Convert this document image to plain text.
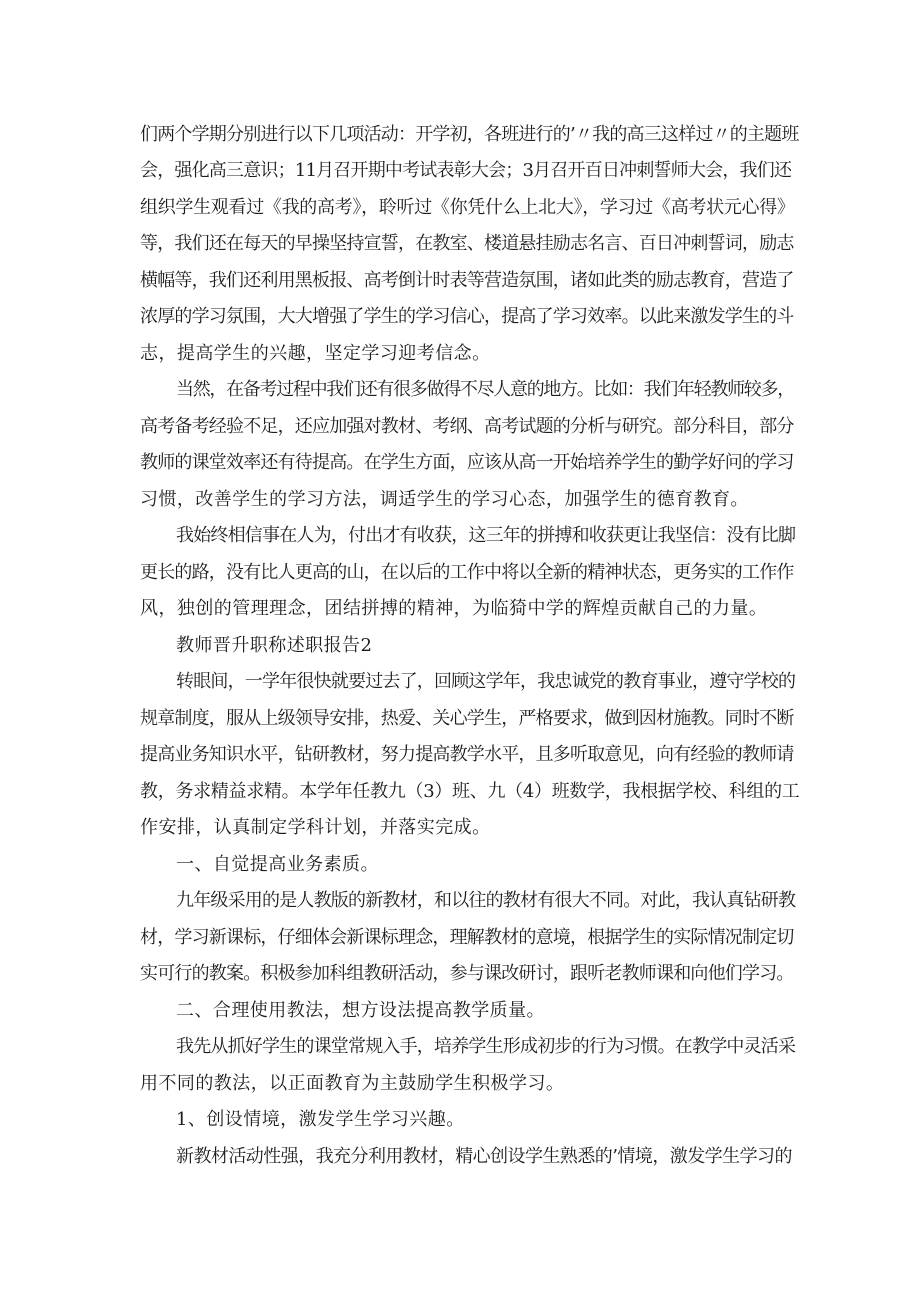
们两个学期分别进行以下几项活动：开学初，各班进行的’〃我的高三这样过〃的主题班
会，强化高三意识；11月召开期中考试表彰大会；3月召开百日冲刺誓师大会，我们还
组织学生观看过《我的高考》，聆听过《你凭什么上北大》，学习过《高考状元心得》
等，我们还在每天的早操坚持宣誓，在教室、楼道悬挂励志名言、百日冲刺誓词，励志
横幅等，我们还利用黑板报、高考倒计时表等营造氛围，诸如此类的励志教育，营造了
浓厚的学习氛围，大大增强了学生的学习信心，提高了学习效率。以此来激发学生的斗
志，提高学生的兴趣，坚定学习迎考信念。
当然，在备考过程中我们还有很多做得不尽人意的地方。比如：我们年轻教师较多，
高考备考经验不足，还应加强对教材、考纲、高考试题的分析与研究。部分科目，部分
教师的课堂效率还有待提高。在学生方面，应该从高一开始培养学生的勤学好问的学习
习惯，改善学生的学习方法，调适学生的学习心态，加强学生的德育教育。
我始终相信事在人为，付出才有收获，这三年的拼搏和收获更让我坚信：没有比脚
更长的路，没有比人更高的山，在以后的工作中将以全新的精神状态，更务实的工作作
风，独创的管理理念，团结拼搏的精神，为临猗中学的辉煌贡献自己的力量。
教师晋升职称述职报告2
转眼间，一学年很快就要过去了，回顾这学年，我忠诚党的教育事业，遵守学校的
规章制度，服从上级领导安排，热爱、关心学生，严格要求，做到因材施教。同时不断
提高业务知识水平，钻研教材，努力提高教学水平，且多听取意见，向有经验的教师请
教，务求精益求精。本学年任教九（3）班、九（4）班数学，我根据学校、科组的工
作安排，认真制定学科计划，并落实完成。
一、自觉提高业务素质。
九年级采用的是人教版的新教材，和以往的教材有很大不同。对此，我认真钻研教
材，学习新课标，仔细体会新课标理念，理解教材的意境，根据学生的实际情况制定切
实可行的教案。积极参加科组教研活动，参与课改研讨，跟听老教师课和向他们学习。
二、合理使用教法，想方设法提高教学质量。
我先从抓好学生的课堂常规入手，培养学生形成初步的行为习惯。在教学中灵活采
用不同的教法，以正面教育为主鼓励学生积极学习。
1、创设情境，激发学生学习兴趣。
新教材活动性强，我充分利用教材，精心创设学生熟悉的’情境，激发学生学习的
